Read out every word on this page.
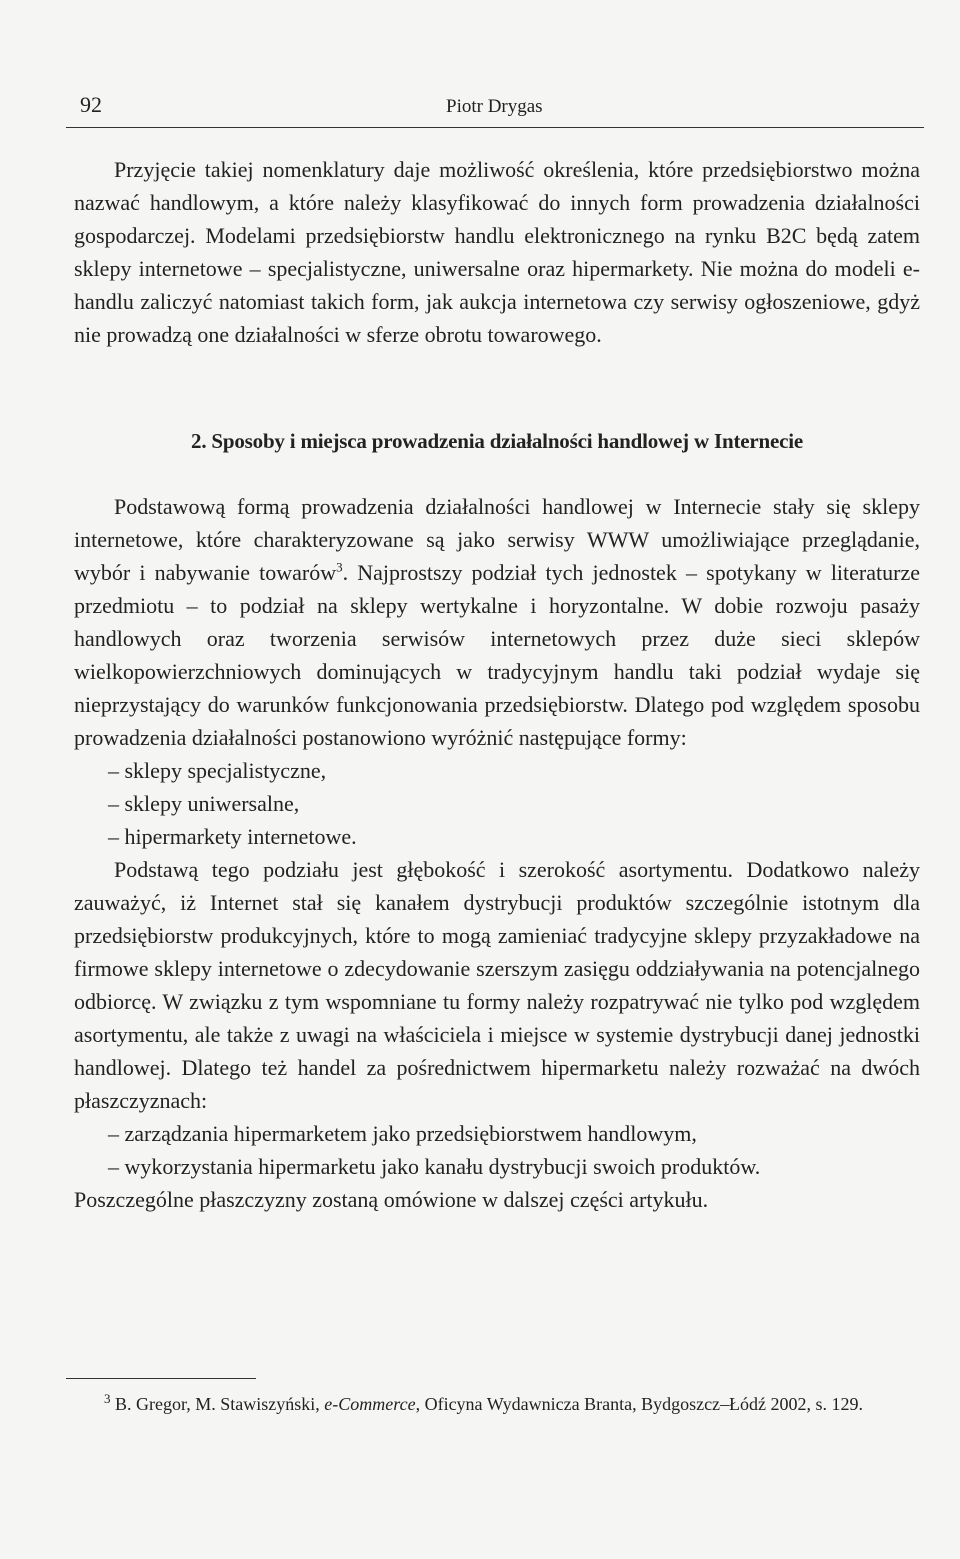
92	Piotr Drygas

Przyjęcie takiej nomenklatury daje możliwość określenia, które przedsiębiorstwo można nazwać handlowym, a które należy klasyfikować do innych form prowadzenia działalności gospodarczej. Modelami przedsiębiorstw handlu elektronicznego na rynku B2C będą zatem sklepy internetowe – specjalistyczne, uniwersalne oraz hipermarkety. Nie można do modeli e-handlu zaliczyć natomiast takich form, jak aukcja internetowa czy serwisy ogłoszeniowe, gdyż nie prowadzą one działalności w sferze obrotu towarowego.

2. Sposoby i miejsca prowadzenia działalności handlowej w Internecie

Podstawową formą prowadzenia działalności handlowej w Internecie stały się sklepy internetowe, które charakteryzowane są jako serwisy WWW umożliwiające przeglądanie, wybór i nabywanie towarów$^3$. Najprostszy podział tych jednostek – spotykany w literaturze przedmiotu – to podział na sklepy wertykalne i horyzontalne. W dobie rozwoju pasaży handlowych oraz tworzenia serwisów internetowych przez duże sieci sklepów wielkopowierzchniowych dominujących w tradycyjnym handlu taki podział wydaje się nieprzystający do warunków funkcjonowania przedsiębiorstw. Dlatego pod względem sposobu prowadzenia działalności postanowiono wyróżnić następujące formy:

– sklepy specjalistyczne,
– sklepy uniwersalne,
– hipermarkety internetowe.

Podstawą tego podziału jest głębokość i szerokość asortymentu. Dodatkowo należy zauważyć, iż Internet stał się kanałem dystrybucji produktów szczególnie istotnym dla przedsiębiorstw produkcyjnych, które to mogą zamieniać tradycyjne sklepy przyzakładowe na firmowe sklepy internetowe o zdecydowanie szerszym zasięgu oddziaływania na potencjalnego odbiorcę. W związku z tym wspomniane tu formy należy rozpatrywać nie tylko pod względem asortymentu, ale także z uwagi na właściciela i miejsce w systemie dystrybucji danej jednostki handlowej. Dlatego też handel za pośrednictwem hipermarketu należy rozważać na dwóch płaszczyznach:

– zarządzania hipermarketem jako przedsiębiorstwem handlowym,
– wykorzystania hipermarketu jako kanału dystrybucji swoich produktów.

Poszczególne płaszczyzny zostaną omówione w dalszej części artykułu.

$^3$ B. Gregor, M. Stawiszyński, e-Commerce, Oficyna Wydawnicza Branta, Bydgoszcz–Łódź 2002, s. 129.
